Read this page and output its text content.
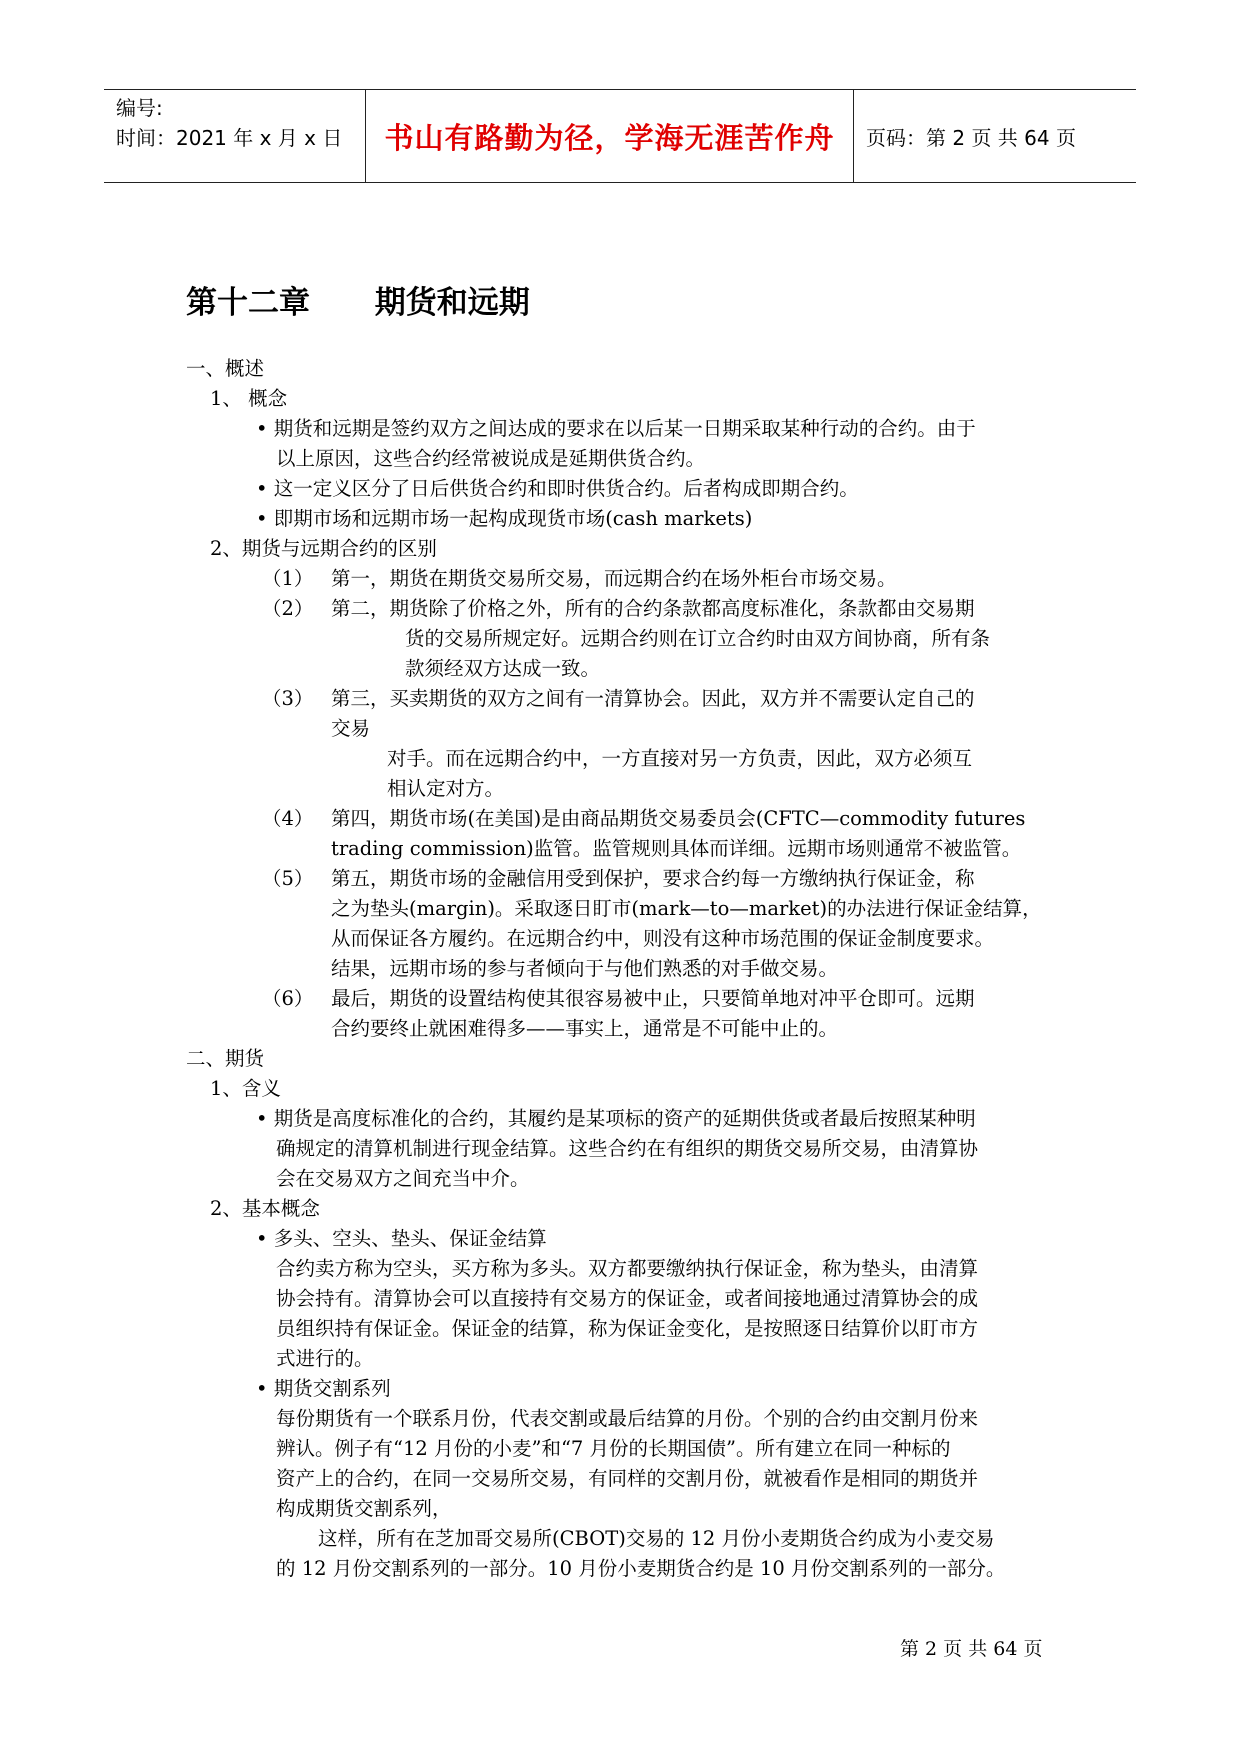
编号:
时间：2021 年 x 月 x 日	书山有路勤为径，学海无涯苦作舟	页码：第 2 页 共 64 页
第十二章      期货和远期
一、概述
1、 概念
• 期货和远期是签约双方之间达成的要求在以后某一日期采取某种行动的合约。由于
以上原因，这些合约经常被说成是延期供货合约。
• 这一定义区分了日后供货合约和即时供货合约。后者构成即期合约。
• 即期市场和远期市场一起构成现货市场(cash markets)
2、期货与远期合约的区别
（1） 第一，期货在期货交易所交易，而远期合约在场外柜台市场交易。
（2） 第二，期货除了价格之外，所有的合约条款都高度标准化，条款都由交易期
货的交易所规定好。远期合约则在订立合约时由双方间协商，所有条
款须经双方达成一致。
（3） 第三，买卖期货的双方之间有一清算协会。因此，双方并不需要认定自己的
交易
对手。而在远期合约中，一方直接对另一方负责，因此，双方必须互
相认定对方。
（4） 第四，期货市场(在美国)是由商品期货交易委员会(CFTC—commodity futures
trading commission)监管。监管规则具体而详细。远期市场则通常不被监管。
（5） 第五，期货市场的金融信用受到保护，要求合约每一方缴纳执行保证金，称
之为垫头(margin)。采取逐日盯市(mark—to—market)的办法进行保证金结算，
从而保证各方履约。在远期合约中，则没有这种市场范围的保证金制度要求。
结果，远期市场的参与者倾向于与他们熟悉的对手做交易。
（6） 最后，期货的设置结构使其很容易被中止，只要简单地对冲平仓即可。远期
合约要终止就困难得多——事实上，通常是不可能中止的。
二、期货
1、含义
• 期货是高度标准化的合约，其履约是某项标的资产的延期供货或者最后按照某种明
确规定的清算机制进行现金结算。这些合约在有组织的期货交易所交易，由清算协
会在交易双方之间充当中介。
2、基本概念
• 多头、空头、垫头、保证金结算
合约卖方称为空头，买方称为多头。双方都要缴纳执行保证金，称为垫头，由清算
协会持有。清算协会可以直接持有交易方的保证金，或者间接地通过清算协会的成
员组织持有保证金。保证金的结算，称为保证金变化，是按照逐日结算价以盯市方
式进行的。
• 期货交割系列
每份期货有一个联系月份，代表交割或最后结算的月份。个别的合约由交割月份来
辨认。例子有“12 月份的小麦”和“7 月份的长期国债”。所有建立在同一种标的
资产上的合约，在同一交易所交易，有同样的交割月份，就被看作是相同的期货并
构成期货交割系列，
这样，所有在芝加哥交易所(CBOT)交易的 12 月份小麦期货合约成为小麦交易
的 12 月份交割系列的一部分。10 月份小麦期货合约是 10 月份交割系列的一部分。
第 2 页 共 64 页
